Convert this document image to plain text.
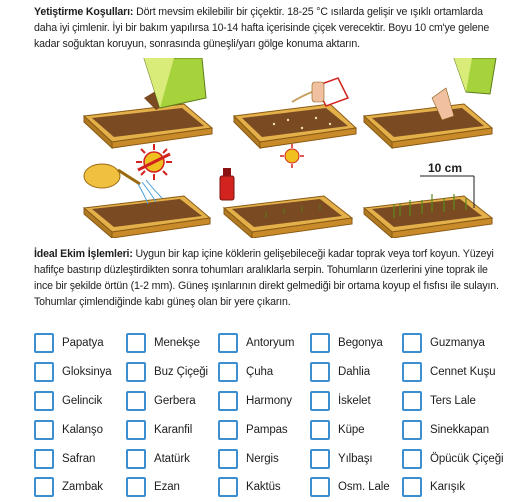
Yetiştirme Koşulları: Dört mevsim ekilebilir bir çiçektir. 18-25 °C ısılarda gelişir ve ışıklı ortamlarda daha iyi çimlenir. İyi bir bakım yapılırsa 10-14 hafta içerisinde çiçek verecektir. Boyu 10 cm'ye gelene kadar soğuktan koruyun, sonrasında güneşli/yarı gölge konuma aktarın.
10 cm
İdeal Ekim İşlemleri: Uygun bir kap içine köklerin gelişebileceği kadar toprak veya torf koyun. Yüzeyi hafifçe bastırıp düzleştirdikten sonra tohumları aralıklarla serpin. Tohumların üzerlerini yine toprak ile ince bir şekilde örtün (1-2 mm). Güneş ışınlarının direkt gelmediği bir ortama koyup el fısfısı ile sulayın. Tohumlar çimlendiğinde kabı güneş olan bir yere çıkarın.
Papatya	Menekşe	Antoryum	Begonya	Guzmanya
Gloksinya	Buz Çiçeği	Çuha	Dahlia	Cennet Kuşu
Gelincik	Gerbera	Harmony	İskelet	Ters Lale
Kalanşo	Karanfil	Pampas	Küpe	Sinekkapan
Safran	Atatürk	Nergis	Yılbaşı	Öpücük Çiçeği
Zambak	Ezan	Kaktüs	Osm. Lale	Karışık
